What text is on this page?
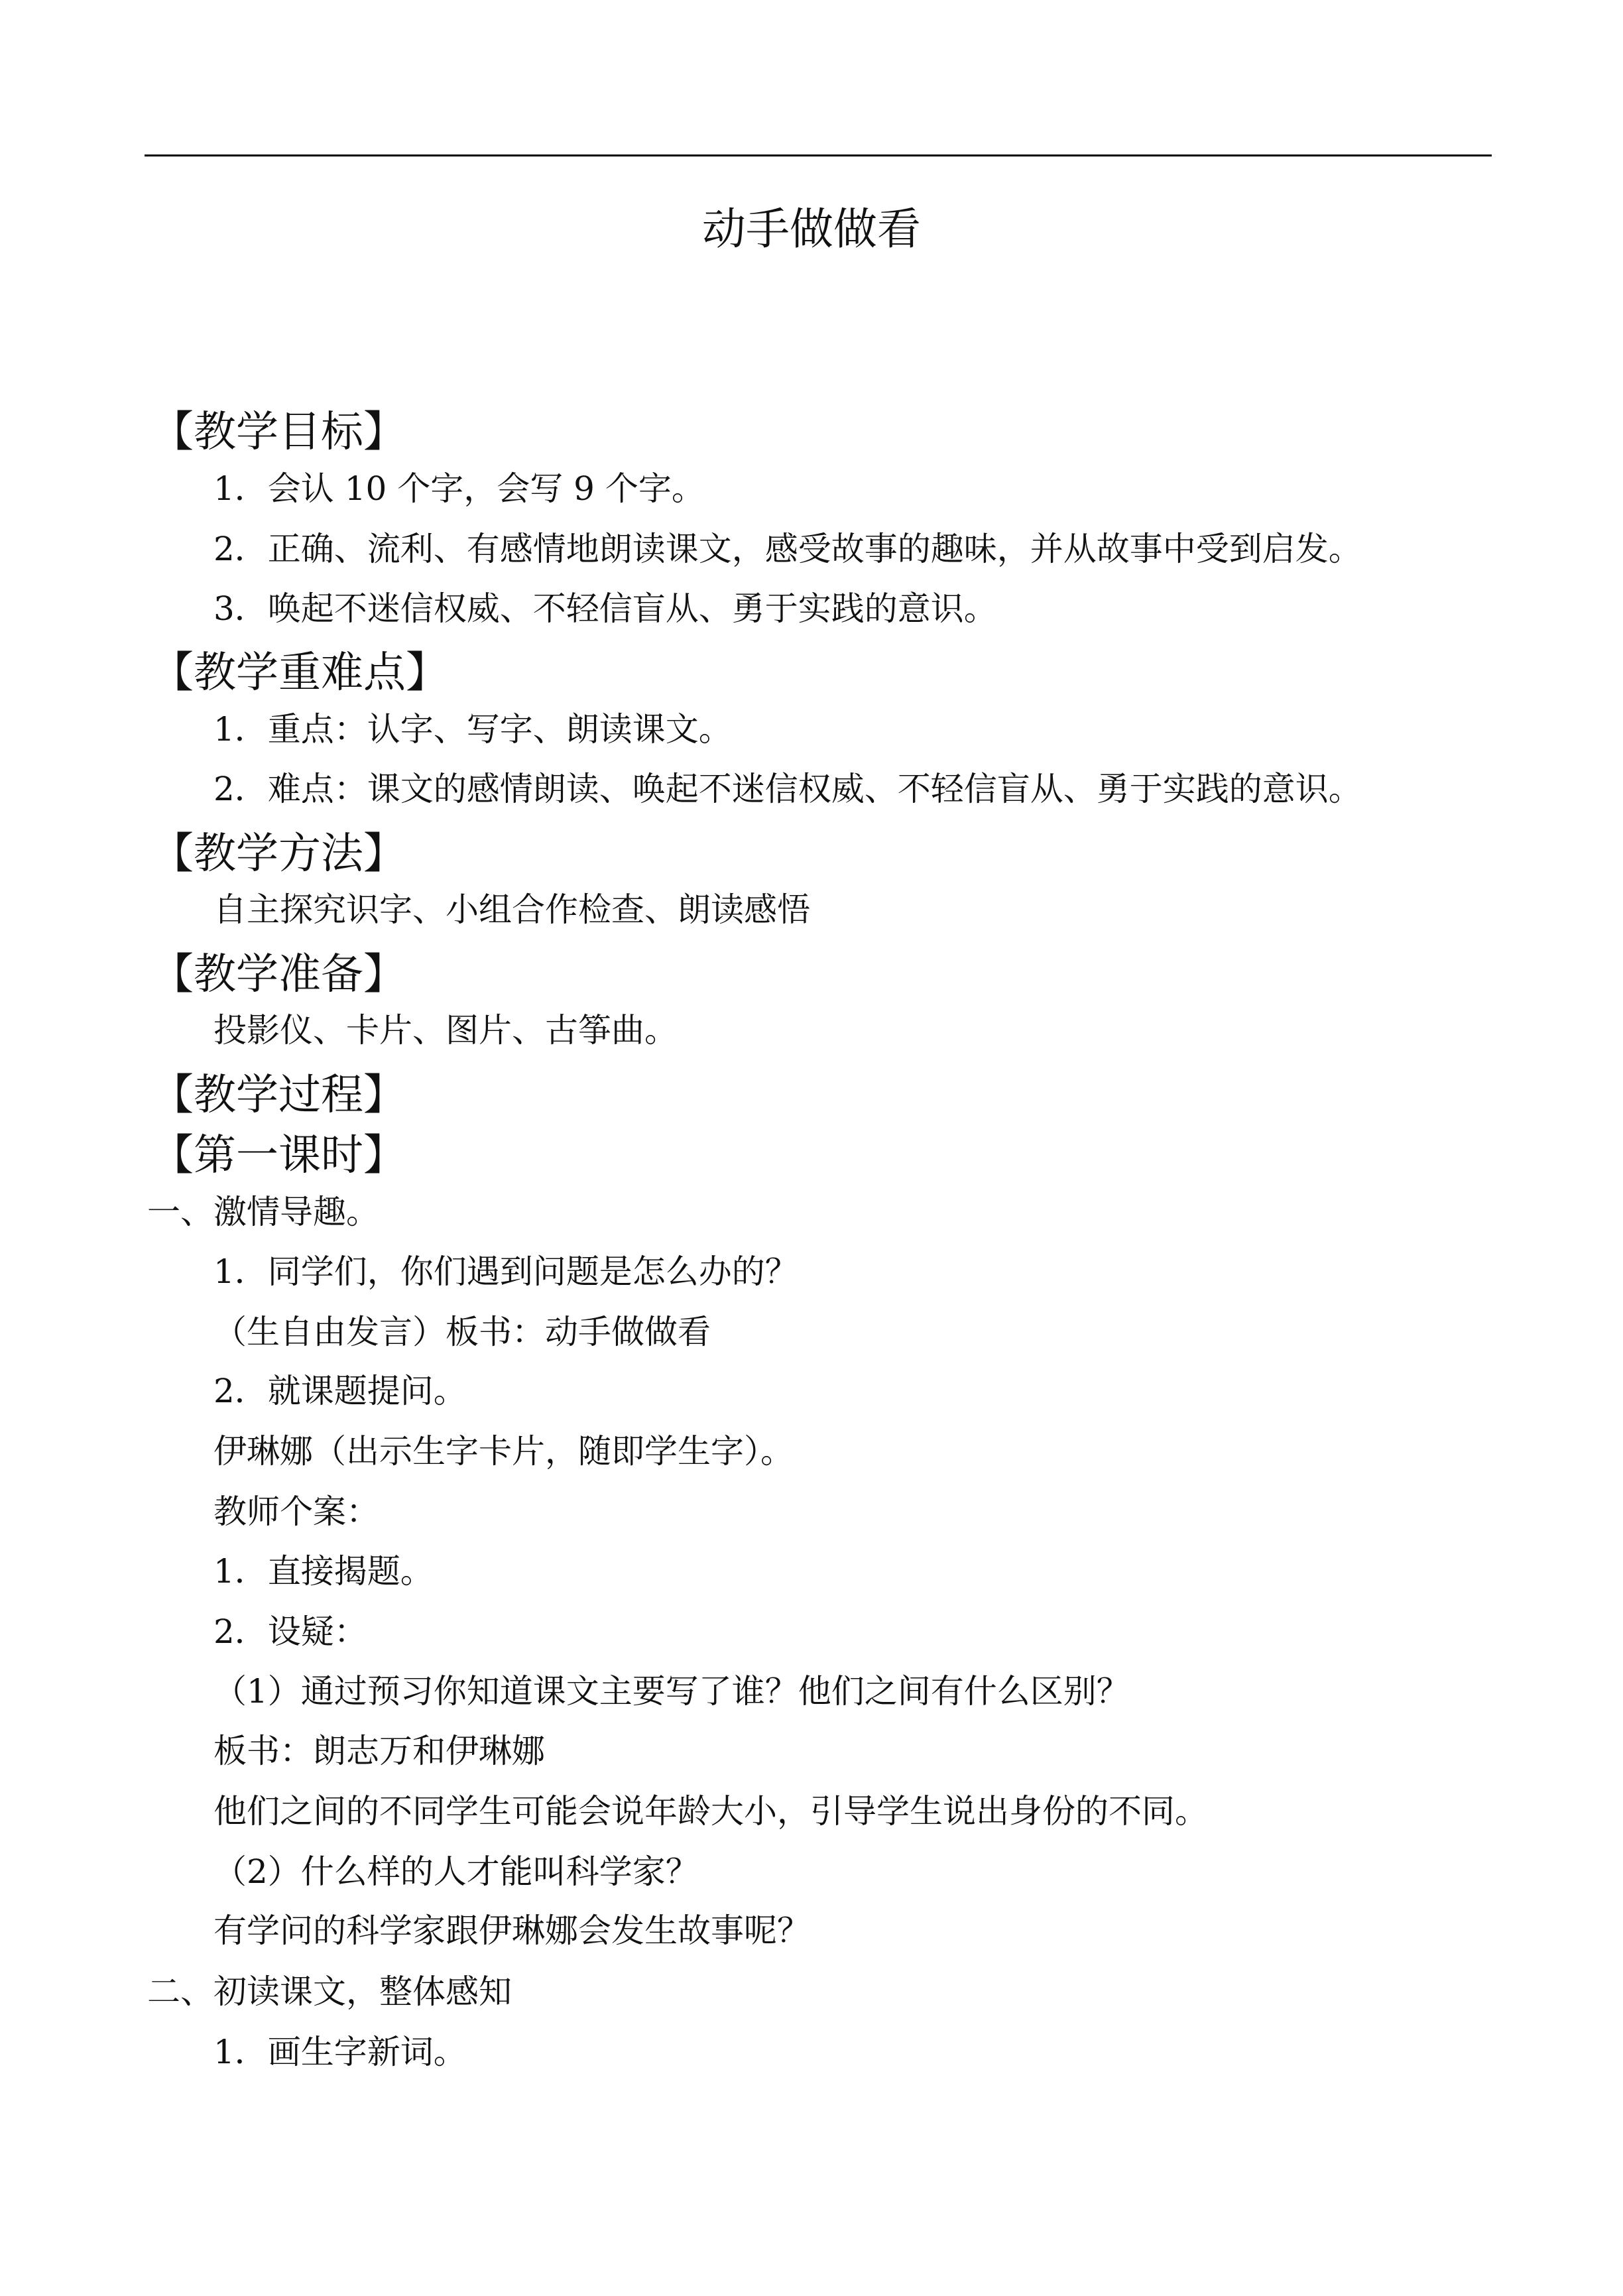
动手做做看
【教学目标】
1．会认 10 个字，会写 9 个字。
2．正确、流利、有感情地朗读课文，感受故事的趣味，并从故事中受到启发。
3．唤起不迷信权威、不轻信盲从、勇于实践的意识。
【教学重难点】
1．重点：认字、写字、朗读课文。
2．难点：课文的感情朗读、唤起不迷信权威、不轻信盲从、勇于实践的意识。
【教学方法】
自主探究识字、小组合作检查、朗读感悟
【教学准备】
投影仪、卡片、图片、古筝曲。
【教学过程】
【第一课时】
一、激情导趣。
1．同学们，你们遇到问题是怎么办的？
（生自由发言）板书：动手做做看
2．就课题提问。
伊琳娜（出示生字卡片，随即学生字）。
教师个案：
1．直接揭题。
2．设疑：
（1）通过预习你知道课文主要写了谁？他们之间有什么区别？
板书：朗志万和伊琳娜
他们之间的不同学生可能会说年龄大小，引导学生说出身份的不同。
（2）什么样的人才能叫科学家？
有学问的科学家跟伊琳娜会发生故事呢？
二、初读课文，整体感知
1．画生字新词。
